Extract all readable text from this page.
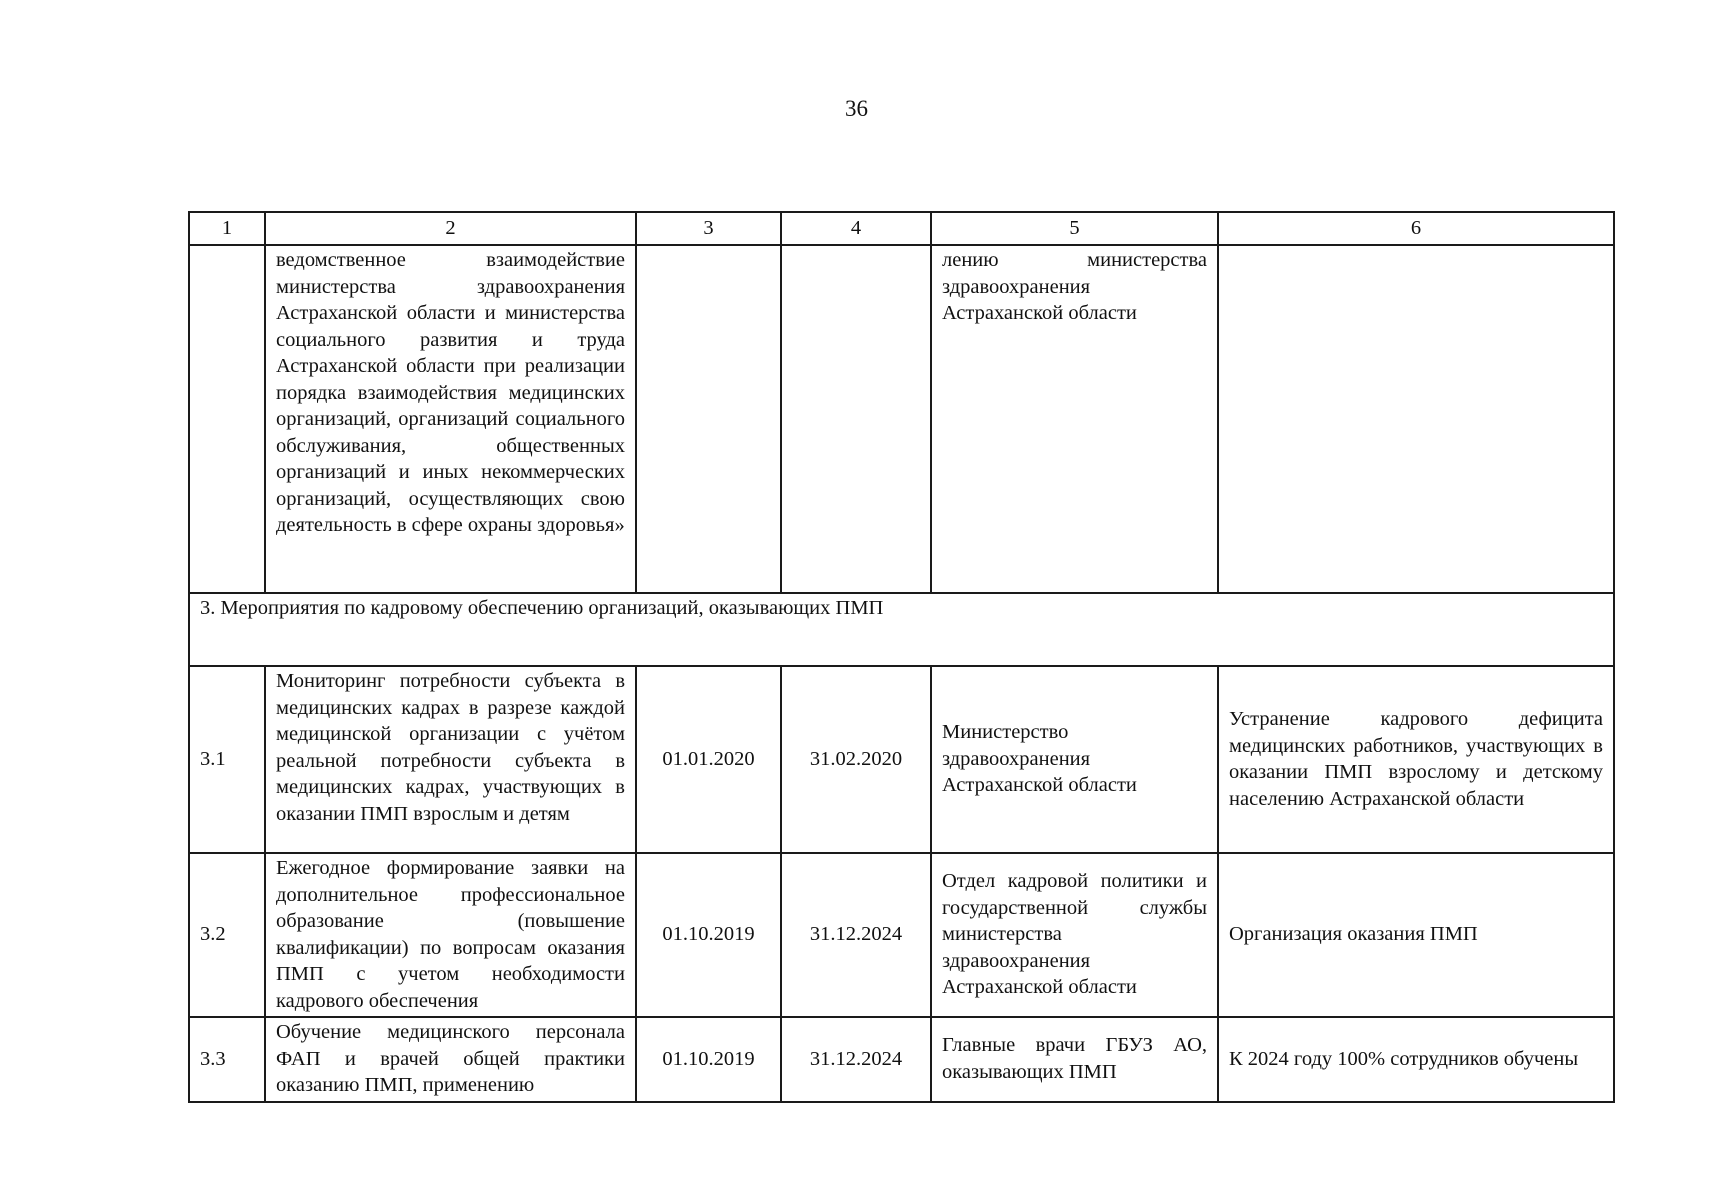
36
1	2	3	4	5	6
	ведомственное взаимодействие министерства здравоохранения Астраханской области и министерства социального развития и труда Астраханской области при реализации порядка взаимодействия медицинских организаций, организаций социального обслуживания, общественных организаций и иных некоммерческих организаций, осуществляющих свою деятельность в сфере охраны здоровья»			лению министерства здравоохранения Астраханской области	
3. Мероприятия по кадровому обеспечению организаций, оказывающих ПМП					
3.1	Мониторинг потребности субъекта в медицинских кадрах в разрезе каждой медицинской организации с учётом реальной потребности субъекта в медицинских кадрах, участвующих в оказании ПМП взрослым и детям	01.01.2020	31.02.2020	Министерство здравоохранения Астраханской области	Устранение кадрового дефицита медицинских работников, участвующих в оказании ПМП взрослому и детскому населению Астраханской области
3.2	Ежегодное формирование заявки на дополнительное профессиональное образование (повышение квалификации) по вопросам оказания ПМП с учетом необходимости кадрового обеспечения	01.10.2019	31.12.2024	Отдел кадровой политики и государственной службы министерства здравоохранения Астраханской области	Организация оказания ПМП
3.3	Обучение медицинского персонала ФАП и врачей общей практики оказанию ПМП, применению	01.10.2019	31.12.2024	Главные врачи ГБУЗ АО, оказывающих ПМП	К 2024 году 100% сотрудников обучены
